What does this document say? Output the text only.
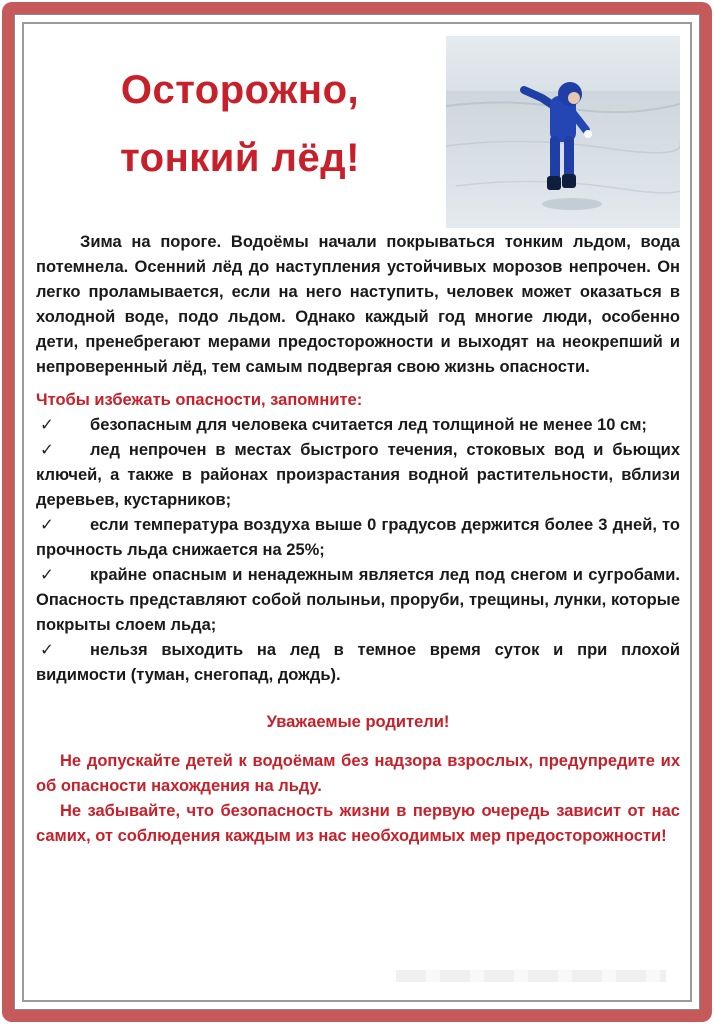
Осторожно,
тонкий лёд!

Зима на пороге. Водоёмы начали покрываться тонким льдом, вода потемнела. Осенний лёд до наступления устойчивых морозов непрочен. Он легко проламывается, если на него наступить, человек может оказаться в холодной воде, подо льдом. Однако каждый год многие люди, особенно дети, пренебрегают мерами предосторожности и выходят на неокрепший и непроверенный лёд, тем самым подвергая свою жизнь опасности.

Чтобы избежать опасности, запомните:

✓ безопасным для человека считается лед толщиной не менее 10 см;
✓ лед непрочен в местах быстрого течения, стоковых вод и бьющих ключей, а также в районах произрастания водной растительности, вблизи деревьев, кустарников;
✓ если температура воздуха выше 0 градусов держится более 3 дней, то прочность льда снижается на 25%;
✓ крайне опасным и ненадежным является лед под снегом и сугробами. Опасность представляют собой полыньи, проруби, трещины, лунки, которые покрыты слоем льда;
✓ нельзя выходить на лед в темное время суток и при плохой видимости (туман, снегопад, дождь).

Уважаемые родители!

Не допускайте детей к водоёмам без надзора взрослых, предупредите их об опасности нахождения на льду.

Не забывайте, что безопасность жизни в первую очередь зависит от нас самих, от соблюдения каждым из нас необходимых мер предосторожности!
